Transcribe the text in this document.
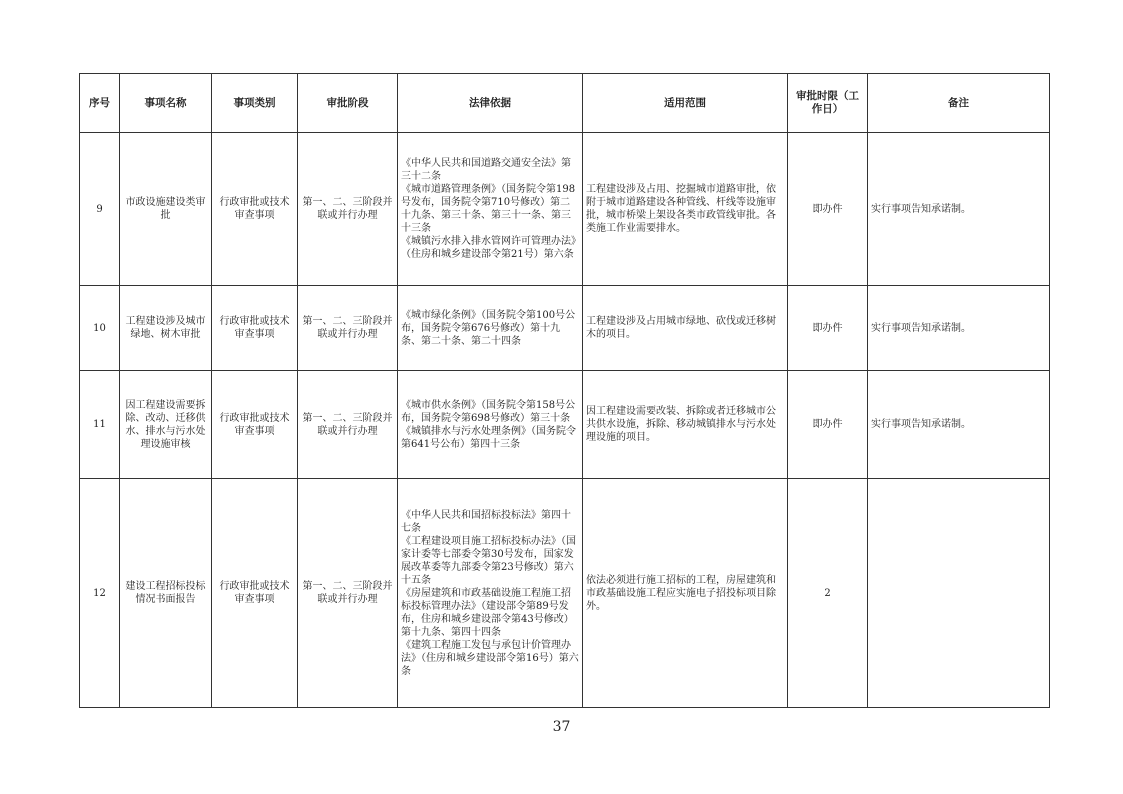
序号	事项名称	事项类别	审批阶段	法律依据	适用范围	审批时限（工作日）	备注
9	市政设施建设类审批	行政审批或技术审查事项	第一、二、三阶段并联或并行办理	《中华人民共和国道路交通安全法》第三十二条
《城市道路管理条例》（国务院令第198号发布，国务院令第710号修改）第二十九条、第三十条、第三十一条、第三十三条
《城镇污水排入排水管网许可管理办法》（住房和城乡建设部令第21号）第六条	工程建设涉及占用、挖掘城市道路审批，依附于城市道路建设各种管线、杆线等设施审批，城市桥梁上架设各类市政管线审批。各类施工作业需要排水。	即办件	实行事项告知承诺制。
10	工程建设涉及城市绿地、树木审批	行政审批或技术审查事项	第一、二、三阶段并联或并行办理	《城市绿化条例》（国务院令第100号公布，国务院令第676号修改）第十九条、第二十条、第二十四条	工程建设涉及占用城市绿地、砍伐或迁移树木的项目。	即办件	实行事项告知承诺制。
11	因工程建设需要拆除、改动、迁移供水、排水与污水处理设施审核	行政审批或技术审查事项	第一、二、三阶段并联或并行办理	《城市供水条例》（国务院令第158号公布，国务院令第698号修改）第三十条
《城镇排水与污水处理条例》（国务院令第641号公布）第四十三条	因工程建设需要改装、拆除或者迁移城市公共供水设施，拆除、移动城镇排水与污水处理设施的项目。	即办件	实行事项告知承诺制。
12	建设工程招标投标情况书面报告	行政审批或技术审查事项	第一、二、三阶段并联或并行办理	《中华人民共和国招标投标法》第四十七条
《工程建设项目施工招标投标办法》（国家计委等七部委令第30号发布，国家发展改革委等九部委令第23号修改）第六十五条
《房屋建筑和市政基础设施工程施工招标投标管理办法》（建设部令第89号发布，住房和城乡建设部令第43号修改）第十九条、第四十四条
《建筑工程施工发包与承包计价管理办法》（住房和城乡建设部令第16号）第六条	依法必须进行施工招标的工程，房屋建筑和市政基础设施工程应实施电子招投标项目除外。	2	
37
